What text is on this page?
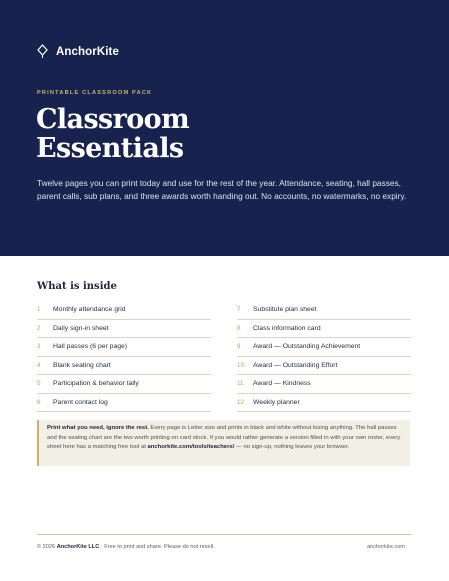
AnchorKite
PRINTABLE CLASSROOM PACK
Classroom
Essentials
Twelve pages you can print today and use for the rest of the year. Attendance, seating, hall passes, parent calls, sub plans, and three awards worth handing out. No accounts, no watermarks, no expiry.
What is inside
1	Monthly attendance grid
2	Daily sign-in sheet
3	Hall passes (6 per page)
4	Blank seating chart
5	Participation & behavior tally
6	Parent contact log
7	Substitute plan sheet
8	Class information card
9	Award — Outstanding Achievement
10	Award — Outstanding Effort
11	Award — Kindness
12	Weekly planner
Print what you need, ignore the rest. Every page is Letter size and prints in black and white without losing anything. The hall passes and the seating chart are the two worth printing on card stock. If you would rather generate a version filled in with your own roster, every sheet here has a matching free tool at anchorkite.com/tools/teachers/ — no sign-up, nothing leaves your browser.
© 2026 AnchorKite LLC · Free to print and share. Please do not resell.	anchorkite.com
